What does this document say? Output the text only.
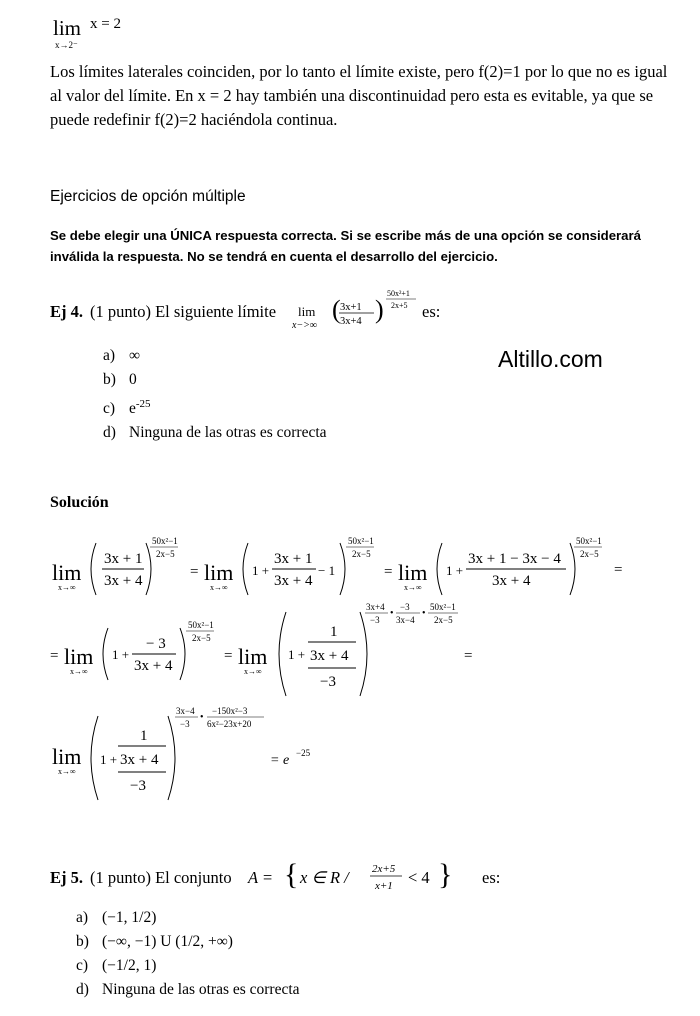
lim
x→2⁻
x = 2
Los límites laterales coinciden, por lo tanto el límite existe, pero f(2)=1 por lo que no es igual al valor del límite. En x = 2 hay también una discontinuidad pero esta es evitable, ya que se puede redefinir f(2)=2 haciéndola continua.
Ejercicios de opción múltiple
Se debe elegir una ÚNICA respuesta correcta. Si se escribe más de una opción se considerará inválida la respuesta. No se tendrá en cuenta el desarrollo del ejercicio.
Ej 4. (1 punto) El siguiente límite lim
x−>∞
( 3x+1
3x+4 )
50x²+1
2x+5 es:
a) ∞
b) 0
c) $e^{-25}$
d) Ninguna de las otras es correcta
Altillo.com
Solución
lim
x→∞
3x + 1
3x + 4
50x²−1
2x−5
= lim
x→∞
1 +
3x + 1
3x + 4
− 1
50x²−1
2x−5
= lim
x→∞
1 +
3x + 1 − 3x − 4
3x + 4
50x²−1
2x−5
=
= lim
x→∞
1 +
− 3
3x + 4
50x²−1
2x−5
= lim
x→∞
1 +
1
3x + 4
−3
3x+4
−3
•
−3
3x−4
•
50x²−1
2x−5
=
lim
x→∞
1 +
1
3x + 4
−3
3x−4
−3
•
−150x²−3
6x²−23x+20
= e −25
Ej 5. (1 punto) El conjunto A = { x ∈ R / 2x+5
x+1 < 4 } es:
a) (−1, 1/2)
b) (−∞, −1) U (1/2, +∞)
c) (−1/2, 1)
d) Ninguna de las otras es correcta
